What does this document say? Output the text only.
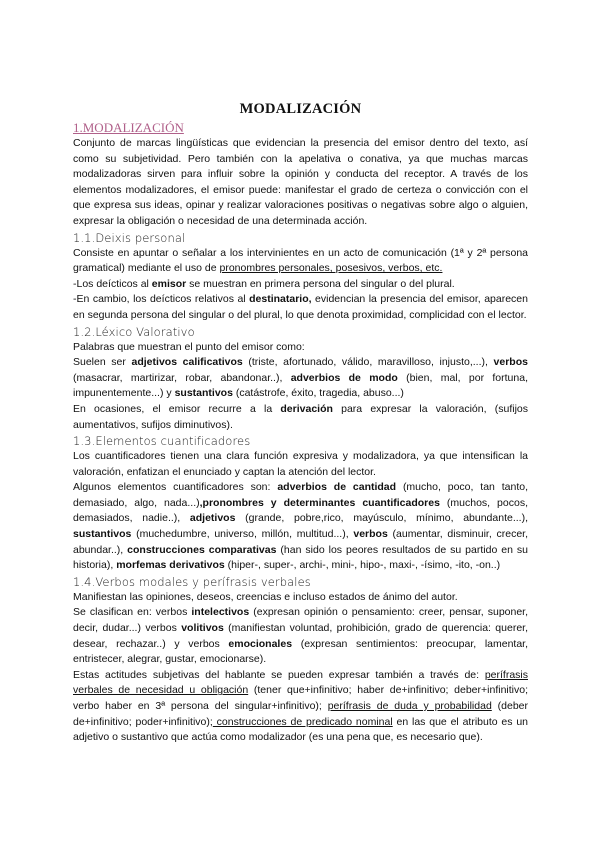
MODALIZACIÓN
1.MODALIZACIÓN

Conjunto de marcas lingüísticas que evidencian la presencia del emisor dentro del texto, así como su subjetividad. Pero también con la apelativa o conativa, ya que muchas marcas modalizadoras sirven para influir sobre la opinión y conducta del receptor. A través de los elementos modalizadores, el emisor puede: manifestar el grado de certeza o convicción con el que expresa sus ideas, opinar y realizar valoraciones positivas o negativas sobre algo o alguien, expresar la obligación o necesidad de una determinada acción.

1.1.Deixis personal

Consiste en apuntar o señalar a los intervinientes en un acto de comunicación (1ª y 2ª persona gramatical) mediante el uso de pronombres personales, posesivos, verbos, etc.

-Los deícticos al emisor se muestran en primera persona del singular o del plural.

-En cambio, los deícticos relativos al destinatario, evidencian la presencia del emisor, aparecen en segunda persona del singular o del plural, lo que denota proximidad, complicidad con el lector.

1.2.Léxico Valorativo

Palabras que muestran el punto del emisor como:

Suelen ser adjetivos calificativos (triste, afortunado, válido, maravilloso, injusto,...), verbos (masacrar, martirizar, robar, abandonar..), adverbios de modo (bien, mal, por fortuna, impunentemente...) y sustantivos (catástrofe, éxito, tragedia, abuso...)

En ocasiones, el emisor recurre a la derivación para expresar la valoración, (sufijos aumentativos, sufijos diminutivos).

1.3.Elementos cuantificadores

Los cuantificadores tienen una clara función expresiva y modalizadora, ya que intensifican la valoración, enfatizan el enunciado y captan la atención del lector.

Algunos elementos cuantificadores son: adverbios de cantidad (mucho, poco, tan tanto, demasiado, algo, nada...),pronombres y determinantes cuantificadores (muchos, pocos, demasiados, nadie..), adjetivos (grande, pobre,rico, mayúsculo, mínimo, abundante...), sustantivos (muchedumbre, universo, millón, multitud...), verbos (aumentar, disminuir, crecer, abundar..), construcciones comparativas (han sido los peores resultados de su partido en su historia), morfemas derivativos (hiper-, super-, archi-, mini-, hipo-, maxi-, -ísimo, -ito, -on..)

1.4.Verbos modales y perífrasis verbales

Manifiestan las opiniones, deseos, creencias e incluso estados de ánimo del autor.

Se clasifican en: verbos intelectivos (expresan opinión o pensamiento: creer, pensar, suponer, decir, dudar...) verbos volitivos (manifiestan voluntad, prohibición, grado de querencia: querer, desear, rechazar..) y verbos emocionales (expresan sentimientos: preocupar, lamentar, entristecer, alegrar, gustar, emocionarse).

Estas actitudes subjetivas del hablante se pueden expresar también a través de: perífrasis verbales de necesidad u obligación (tener que+infinitivo; haber de+infinitivo; deber+infinitivo; verbo haber en 3ª persona del singular+infinitivo); perífrasis de duda y probabilidad (deber de+infinitivo; poder+infinitivo); construcciones de predicado nominal en las que el atributo es un adjetivo o sustantivo que actúa como modalizador (es una pena que, es necesario que).
